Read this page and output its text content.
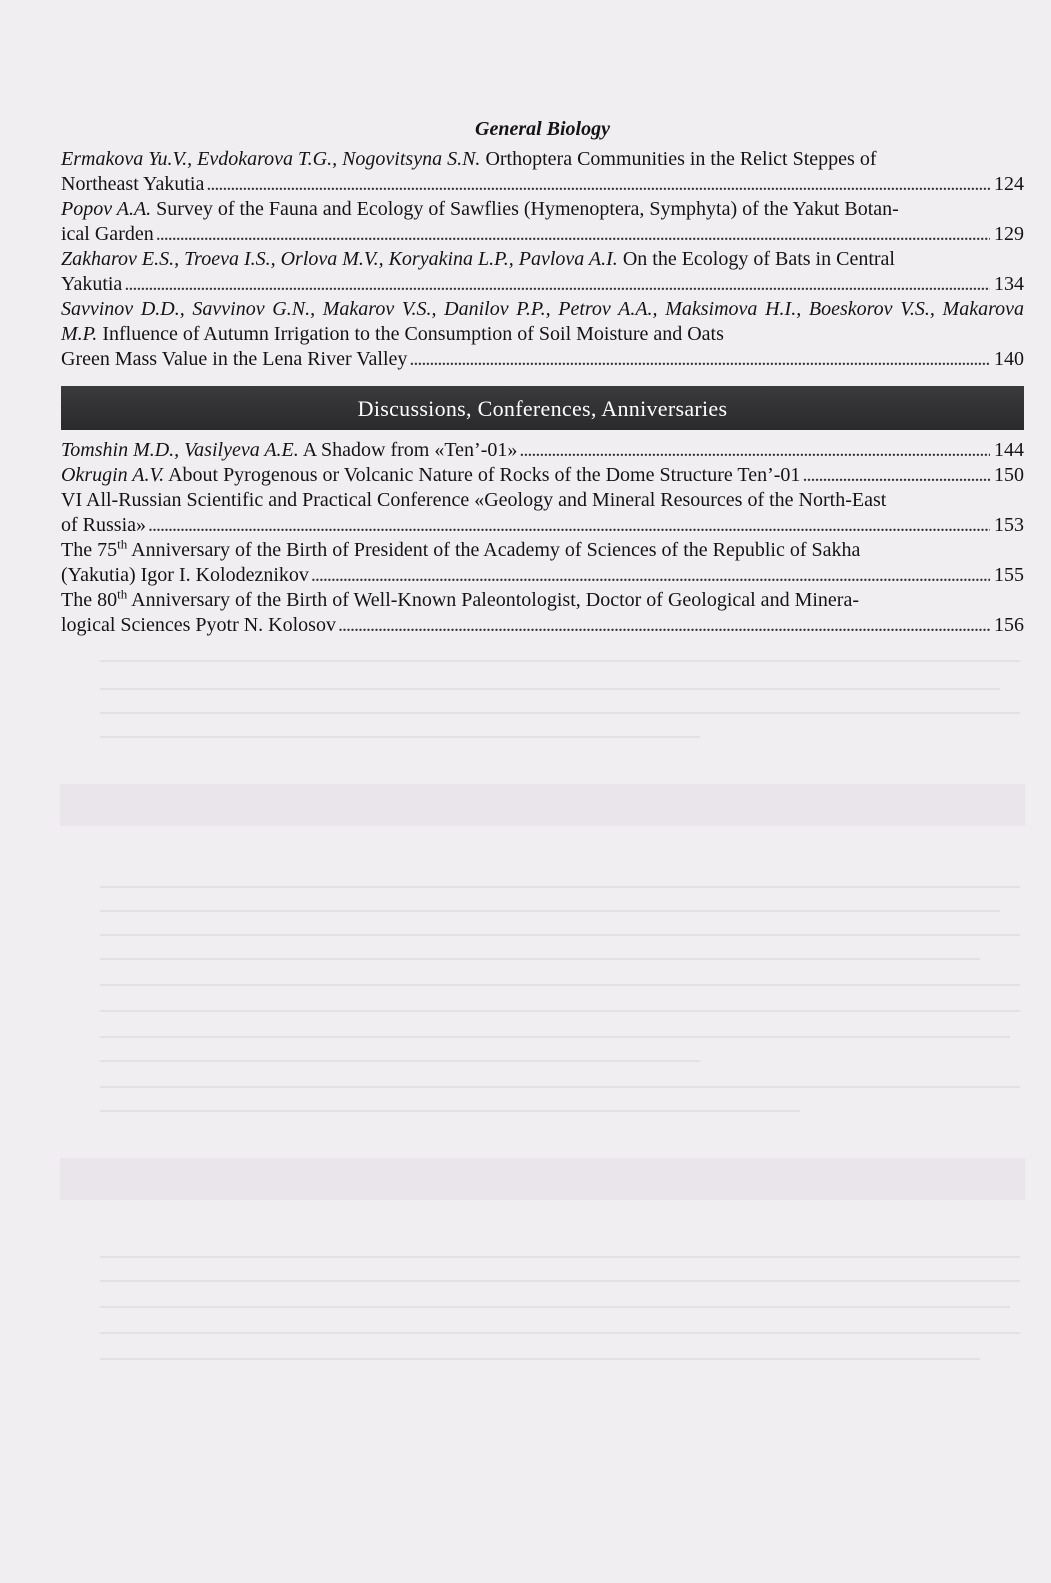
General Biology
Ermakova Yu.V., Evdokarova T.G., Nogovitsyna S.N. Orthoptera Communities in the Relict Steppes of
Northeast Yakutia . . .	124
Popov A.A. Survey of the Fauna and Ecology of Sawflies (Hymenoptera, Symphyta) of the Yakut Botan-
ical Garden . . .	129
Zakharov E.S., Troeva I.S., Orlova M.V., Koryakina L.P., Pavlova A.I. On the Ecology of Bats in Central
Yakutia . . .	134
Savvinov D.D., Savvinov G.N., Makarov V.S., Danilov P.P., Petrov A.A., Maksimova H.I., Boeskorov V.S., Makarova M.P. Influence of Autumn Irrigation to the Consumption of Soil Moisture and Oats
Green Mass Value in the Lena River Valley . . .	140
Discussions, Conferences, Anniversaries
Tomshin M.D., Vasilyeva A.E. A Shadow from «Ten’-01» . . .	144
Okrugin A.V. About Pyrogenous or Volcanic Nature of Rocks of the Dome Structure Ten’-01 . . .	150
VI All-Russian Scientific and Practical Conference «Geology and Mineral Resources of the North-East
of Russia» . . .	153
The 75th Anniversary of the Birth of President of the Academy of Sciences of the Republic of Sakha
(Yakutia) Igor I. Kolodeznikov . . .	155
The 80th Anniversary of the Birth of Well-Known Paleontologist, Doctor of Geological and Minera-
logical Sciences Pyotr N. Kolosov . . .	156
